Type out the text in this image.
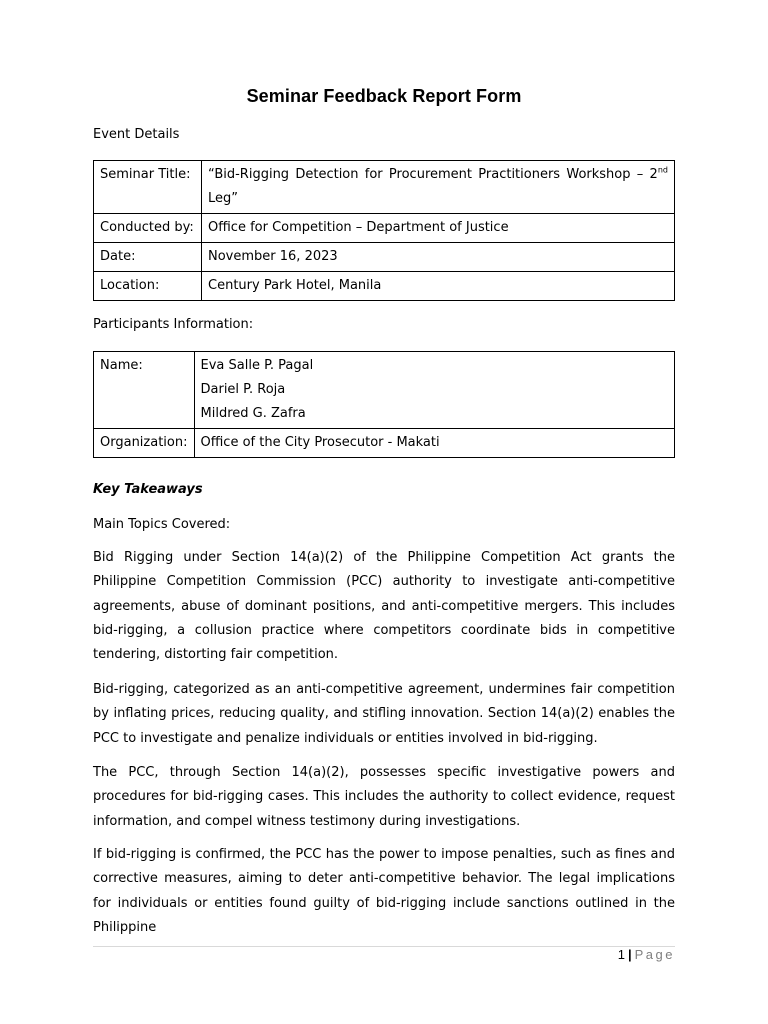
Seminar Feedback Report Form
Event Details
Seminar Title:	“Bid-Rigging Detection for Procurement Practitioners Workshop – 2nd Leg”
Conducted by:	Office for Competition – Department of Justice
Date:	November 16, 2023
Location:	Century Park Hotel, Manila
Participants Information:
Name:	Eva Salle P. Pagal
Dariel P. Roja
Mildred G. Zafra

Organization:	Office of the City Prosecutor - Makati
Key Takeaways
Main Topics Covered:

Bid Rigging under Section 14(a)(2) of the Philippine Competition Act grants the Philippine Competition Commission (PCC) authority to investigate anti-competitive agreements, abuse of dominant positions, and anti-competitive mergers. This includes bid-rigging, a collusion practice where competitors coordinate bids in competitive tendering, distorting fair competition.

Bid-rigging, categorized as an anti-competitive agreement, undermines fair competition by inflating prices, reducing quality, and stifling innovation. Section 14(a)(2) enables the PCC to investigate and penalize individuals or entities involved in bid-rigging.

The PCC, through Section 14(a)(2), possesses specific investigative powers and procedures for bid-rigging cases. This includes the authority to collect evidence, request information, and compel witness testimony during investigations.

If bid-rigging is confirmed, the PCC has the power to impose penalties, such as fines and corrective measures, aiming to deter anti-competitive behavior. The legal implications for individuals or entities found guilty of bid-rigging include sanctions outlined in the Philippine

1 | Page
